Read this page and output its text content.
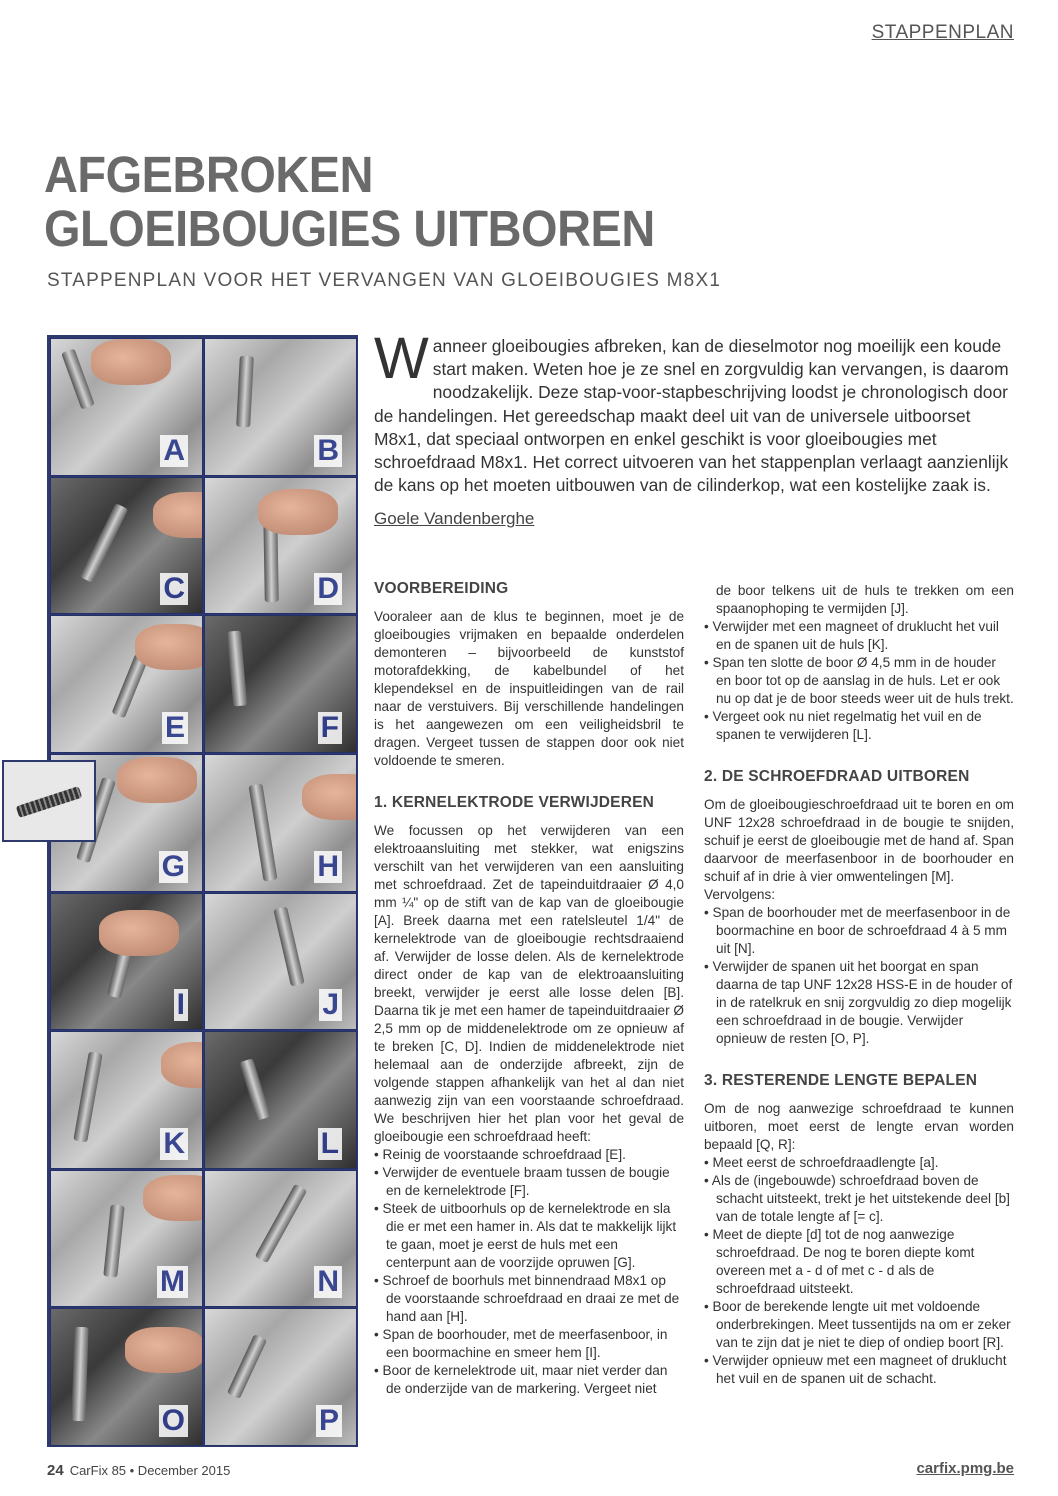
STAPPENPLAN
AFGEBROKEN
GLOEIBOUGIES UITBOREN
STAPPENPLAN VOOR HET VERVANGEN VAN GLOEIBOUGIES M8X1
Wanneer gloeibougies afbreken, kan de dieselmotor nog moeilijk een koude start maken. Weten hoe je ze snel en zorgvuldig kan vervangen, is daarom noodzakelijk. Deze stap-voor-stapbeschrijving loodst je chronologisch door de handelingen. Het gereedschap maakt deel uit van de universele uitboorset M8x1, dat speciaal ontworpen en enkel geschikt is voor gloeibougies met schroefdraad M8x1. Het correct uitvoeren van het stappenplan verlaagt aanzienlijk de kans op het moeten uitbouwen van de cilinderkop, wat een kostelijke zaak is.
Goele Vandenberghe
A	B
C	D
E	F
G	H
I	J
K	L
M	N
O	P
VOORBEREIDING

Vooraleer aan de klus te beginnen, moet je de gloeibougies vrijmaken en bepaalde onderdelen demonteren – bijvoorbeeld de kunststof motorafdekking, de kabelbundel of het klependeksel en de inspuitleidingen van de rail naar de verstuivers. Bij verschillende handelingen is het aangewezen om een veiligheidsbril te dragen. Vergeet tussen de stappen door ook niet voldoende te smeren.

1. KERNELEKTRODE VERWIJDEREN

We focussen op het verwijderen van een elektroaansluiting met stekker, wat enigszins verschilt van het verwijderen van een aansluiting met schroefdraad. Zet de tapeinduitdraaier Ø 4,0 mm ¼" op de stift van de kap van de gloeibougie [A]. Breek daarna met een ratelsleutel 1/4" de kernelektrode van de gloeibougie rechtsdraaiend af. Verwijder de losse delen. Als de kernelektrode direct onder de kap van de elektroaansluiting breekt, verwijder je eerst alle losse delen [B]. Daarna tik je met een hamer de tapeinduitdraaier Ø 2,5 mm op de middenelektrode om ze opnieuw af te breken [C, D]. Indien de middenelektrode niet helemaal aan de onderzijde afbreekt, zijn de volgende stappen afhankelijk van het al dan niet aanwezig zijn van een voorstaande schroefdraad. We beschrijven hier het plan voor het geval de gloeibougie een schroefdraad heeft:

• Reinig de voorstaande schroefdraad [E].
• Verwijder de eventuele braam tussen de bougie en de kernelektrode [F].
• Steek de uitboorhuls op de kernelektrode en sla die er met een hamer in. Als dat te makkelijk lijkt te gaan, moet je eerst de huls met een centerpunt aan de voorzijde opruwen [G].
• Schroef de boorhuls met binnendraad M8x1 op de voorstaande schroefdraad en draai ze met de hand aan [H].
• Span de boorhouder, met de meerfasenboor, in een boormachine en smeer hem [I].
• Boor de kernelektrode uit, maar niet verder dan de onderzijde van de markering. Vergeet niet

de boor telkens uit de huls te trekken om een spaanophoping te vermijden [J].

• Verwijder met een magneet of druklucht het vuil en de spanen uit de huls [K].
• Span ten slotte de boor Ø 4,5 mm in de houder en boor tot op de aanslag in de huls. Let er ook nu op dat je de boor steeds weer uit de huls trekt.
• Vergeet ook nu niet regelmatig het vuil en de spanen te verwijderen [L].
2. DE SCHROEFDRAAD UITBOREN

Om de gloeibougieschroefdraad uit te boren en om UNF 12x28 schroefdraad in de bougie te snijden, schuif je eerst de gloeibougie met de hand af. Span daarvoor de meerfasenboor in de boorhouder en schuif af in drie à vier omwentelingen [M].

Vervolgens:

• Span de boorhouder met de meerfasenboor in de boormachine en boor de schroefdraad 4 à 5 mm uit [N].
• Verwijder de spanen uit het boorgat en span daarna de tap UNF 12x28 HSS-E in de houder of in de ratelkruk en snij zorgvuldig zo diep mogelijk een schroefdraad in de bougie. Verwijder opnieuw de resten [O, P].
3. RESTERENDE LENGTE BEPALEN

Om de nog aanwezige schroefdraad te kunnen uitboren, moet eerst de lengte ervan worden bepaald [Q, R]:

• Meet eerst de schroefdraadlengte [a].
• Als de (ingebouwde) schroefdraad boven de schacht uitsteekt, trekt je het uitstekende deel [b] van de totale lengte af [= c].
• Meet de diepte [d] tot de nog aanwezige schroefdraad. De nog te boren diepte komt overeen met a - d of met c - d als de schroefdraad uitsteekt.
• Boor de berekende lengte uit met voldoende onderbrekingen. Meet tussentijds na om er zeker van te zijn dat je niet te diep of ondiep boort [R].
• Verwijder opnieuw met een magneet of druklucht het vuil en de spanen uit de schacht.
24 CarFix 85 • December 2015	carfix.pmg.be
